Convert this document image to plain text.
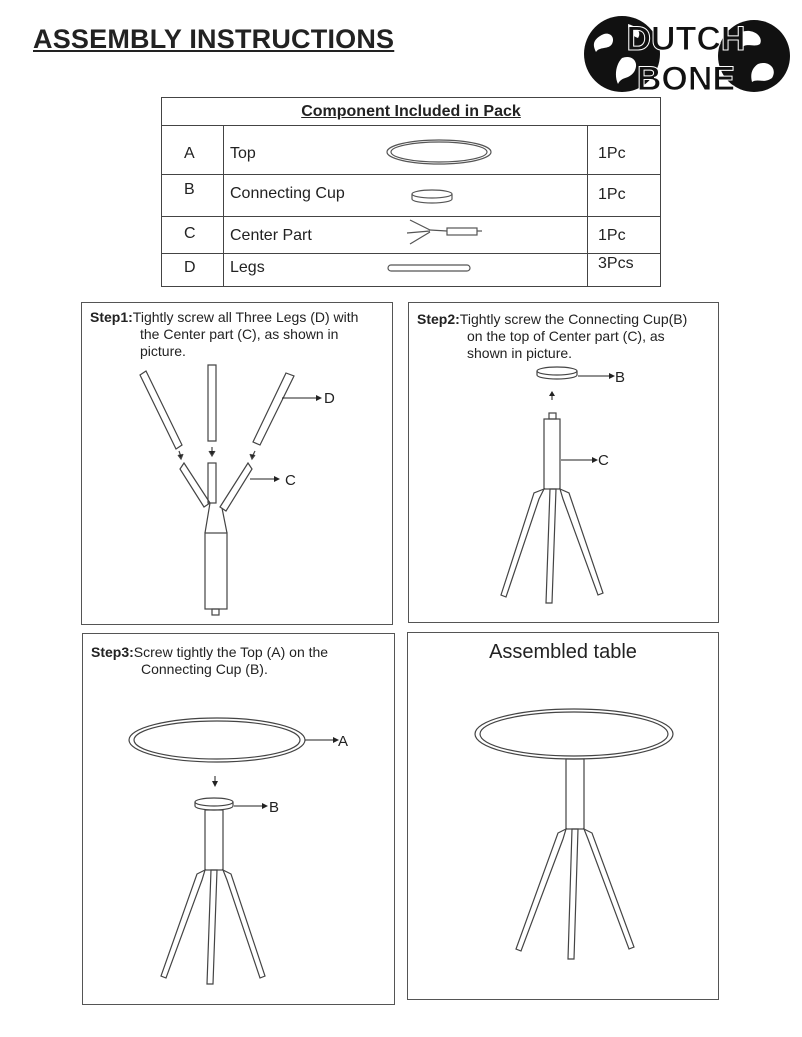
ASSEMBLY INSTRUCTIONS	DUTCH
BONE
Component Included in Pack
A Top	1Pc
B Connecting Cup	1Pc
C Center Part	1Pc
D Legs	3Pcs
Step1:Tightly screw all Three Legs (D) with
the Center part (C), as shown in
picture.
D
C
Step2:Tightly screw the Connecting Cup(B)
on the top of Center part (C), as
shown in picture.
B
C
Step3:Screw tightly the Top (A) on the
Connecting Cup (B).
A
B
Assembled table
